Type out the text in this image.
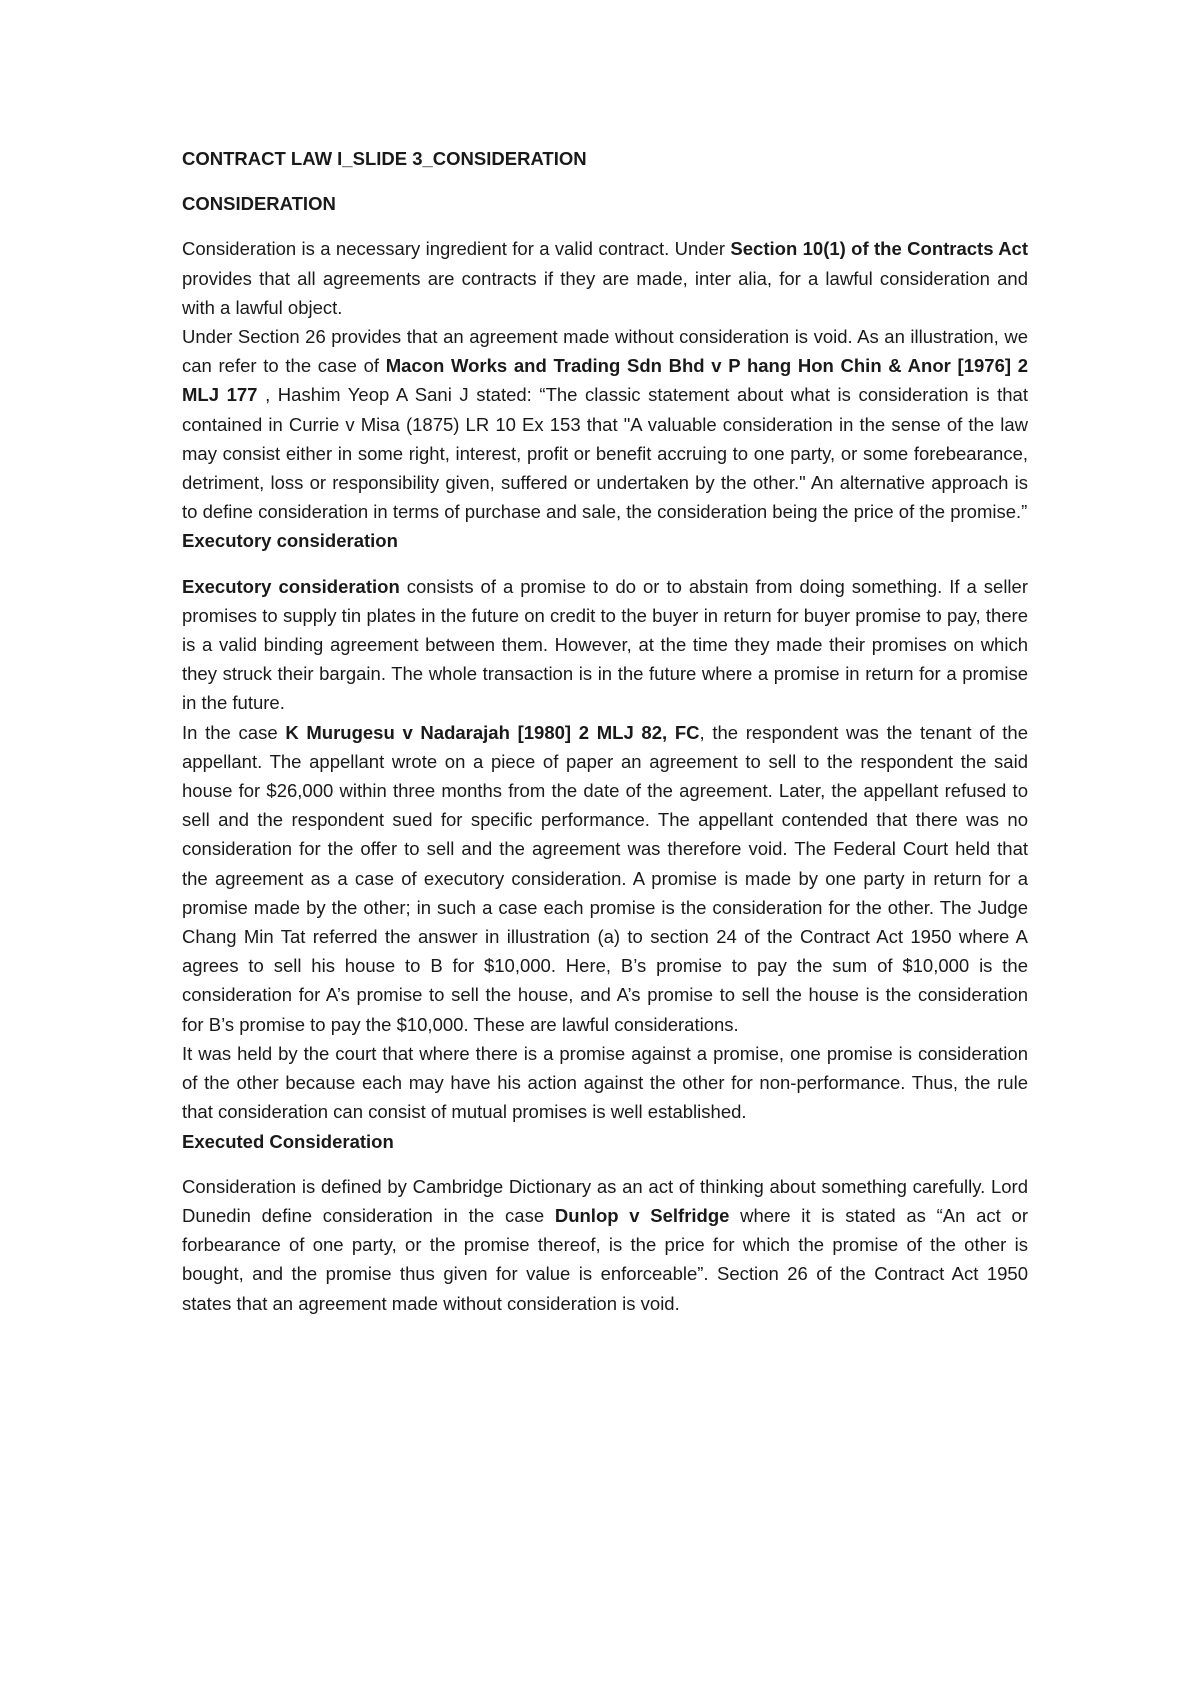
CONTRACT LAW I_SLIDE 3_CONSIDERATION

CONSIDERATION

Consideration is a necessary ingredient for a valid contract. Under Section 10(1) of the Contracts Act provides that all agreements are contracts if they are made, inter alia, for a lawful consideration and with a lawful object.

Under Section 26 provides that an agreement made without consideration is void. As an illustration, we can refer to the case of Macon Works and Trading Sdn Bhd v P hang Hon Chin & Anor [1976] 2 MLJ 177 , Hashim Yeop A Sani J stated: “The classic statement about what is consideration is that contained in Currie v Misa (1875) LR 10 Ex 153 that "A valuable consideration in the sense of the law may consist either in some right, interest, profit or benefit accruing to one party, or some forebearance, detriment, loss or responsibility given, suffered or undertaken by the other." An alternative approach is to define consideration in terms of purchase and sale, the consideration being the price of the promise.”

Executory consideration

Executory consideration consists of a promise to do or to abstain from doing something. If a seller promises to supply tin plates in the future on credit to the buyer in return for buyer promise to pay, there is a valid binding agreement between them. However, at the time they made their promises on which they struck their bargain. The whole transaction is in the future where a promise in return for a promise in the future.

In the case K Murugesu v Nadarajah [1980] 2 MLJ 82, FC, the respondent was the tenant of the appellant. The appellant wrote on a piece of paper an agreement to sell to the respondent the said house for $26,000 within three months from the date of the agreement. Later, the appellant refused to sell and the respondent sued for specific performance. The appellant contended that there was no consideration for the offer to sell and the agreement was therefore void. The Federal Court held that the agreement as a case of executory consideration. A promise is made by one party in return for a promise made by the other; in such a case each promise is the consideration for the other. The Judge Chang Min Tat referred the answer in illustration (a) to section 24 of the Contract Act 1950 where A agrees to sell his house to B for $10,000. Here, B’s promise to pay the sum of $10,000 is the consideration for A’s promise to sell the house, and A’s promise to sell the house is the consideration for B’s promise to pay the $10,000. These are lawful considerations.

It was held by the court that where there is a promise against a promise, one promise is consideration of the other because each may have his action against the other for non-performance. Thus, the rule that consideration can consist of mutual promises is well established.

Executed Consideration

Consideration is defined by Cambridge Dictionary as an act of thinking about something carefully. Lord Dunedin define consideration in the case Dunlop v Selfridge where it is stated as “An act or forbearance of one party, or the promise thereof, is the price for which the promise of the other is bought, and the promise thus given for value is enforceable”. Section 26 of the Contract Act 1950 states that an agreement made without consideration is void.
